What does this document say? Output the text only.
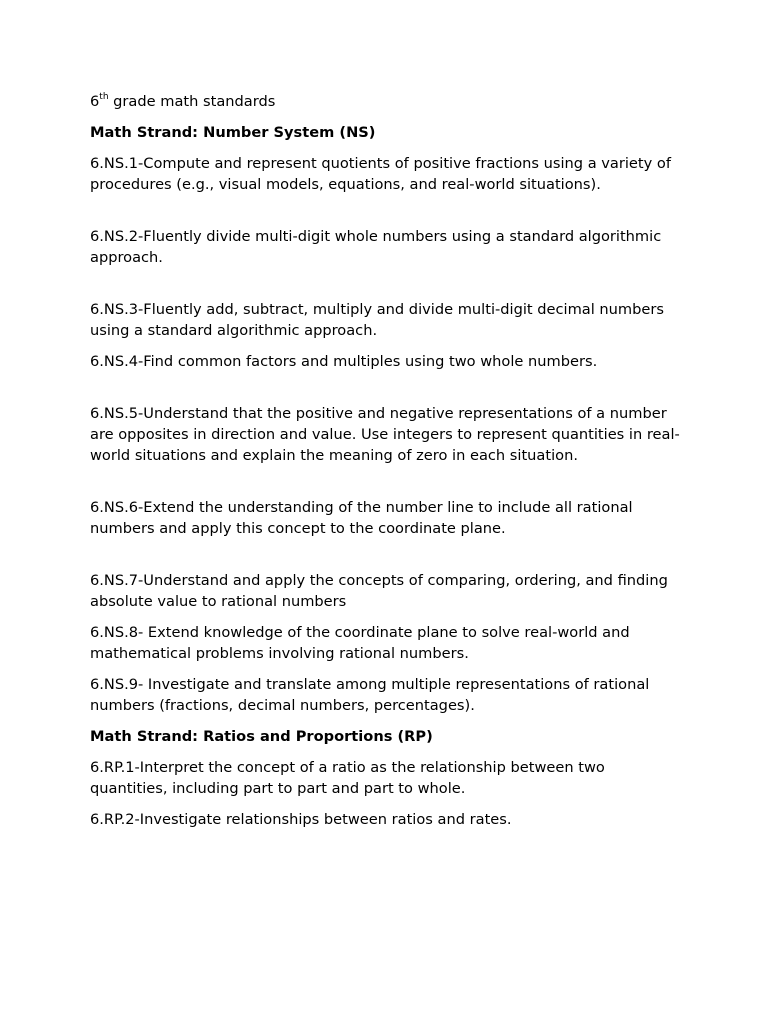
6th grade math standards

Math Strand: Number System (NS)

6.NS.1-Compute and represent quotients of positive fractions using a variety of procedures (e.g., visual models, equations, and real-world situations).

6.NS.2-Fluently divide multi-digit whole numbers using a standard algorithmic approach.

6.NS.3-Fluently add, subtract, multiply and divide multi-digit decimal numbers using a standard algorithmic approach.

6.NS.4-Find common factors and multiples using two whole numbers.

6.NS.5-Understand that the positive and negative representations of a number are opposites in direction and value. Use integers to represent quantities in real-world situations and explain the meaning of zero in each situation.

6.NS.6-Extend the understanding of the number line to include all rational numbers and apply this concept to the coordinate plane.

6.NS.7-Understand and apply the concepts of comparing, ordering, and finding absolute value to rational numbers

6.NS.8- Extend knowledge of the coordinate plane to solve real-world and mathematical problems involving rational numbers.

6.NS.9- Investigate and translate among multiple representations of rational numbers (fractions, decimal numbers, percentages).

Math Strand: Ratios and Proportions (RP)

6.RP.1-Interpret the concept of a ratio as the relationship between two quantities, including part to part and part to whole.

6.RP.2-Investigate relationships between ratios and rates.
